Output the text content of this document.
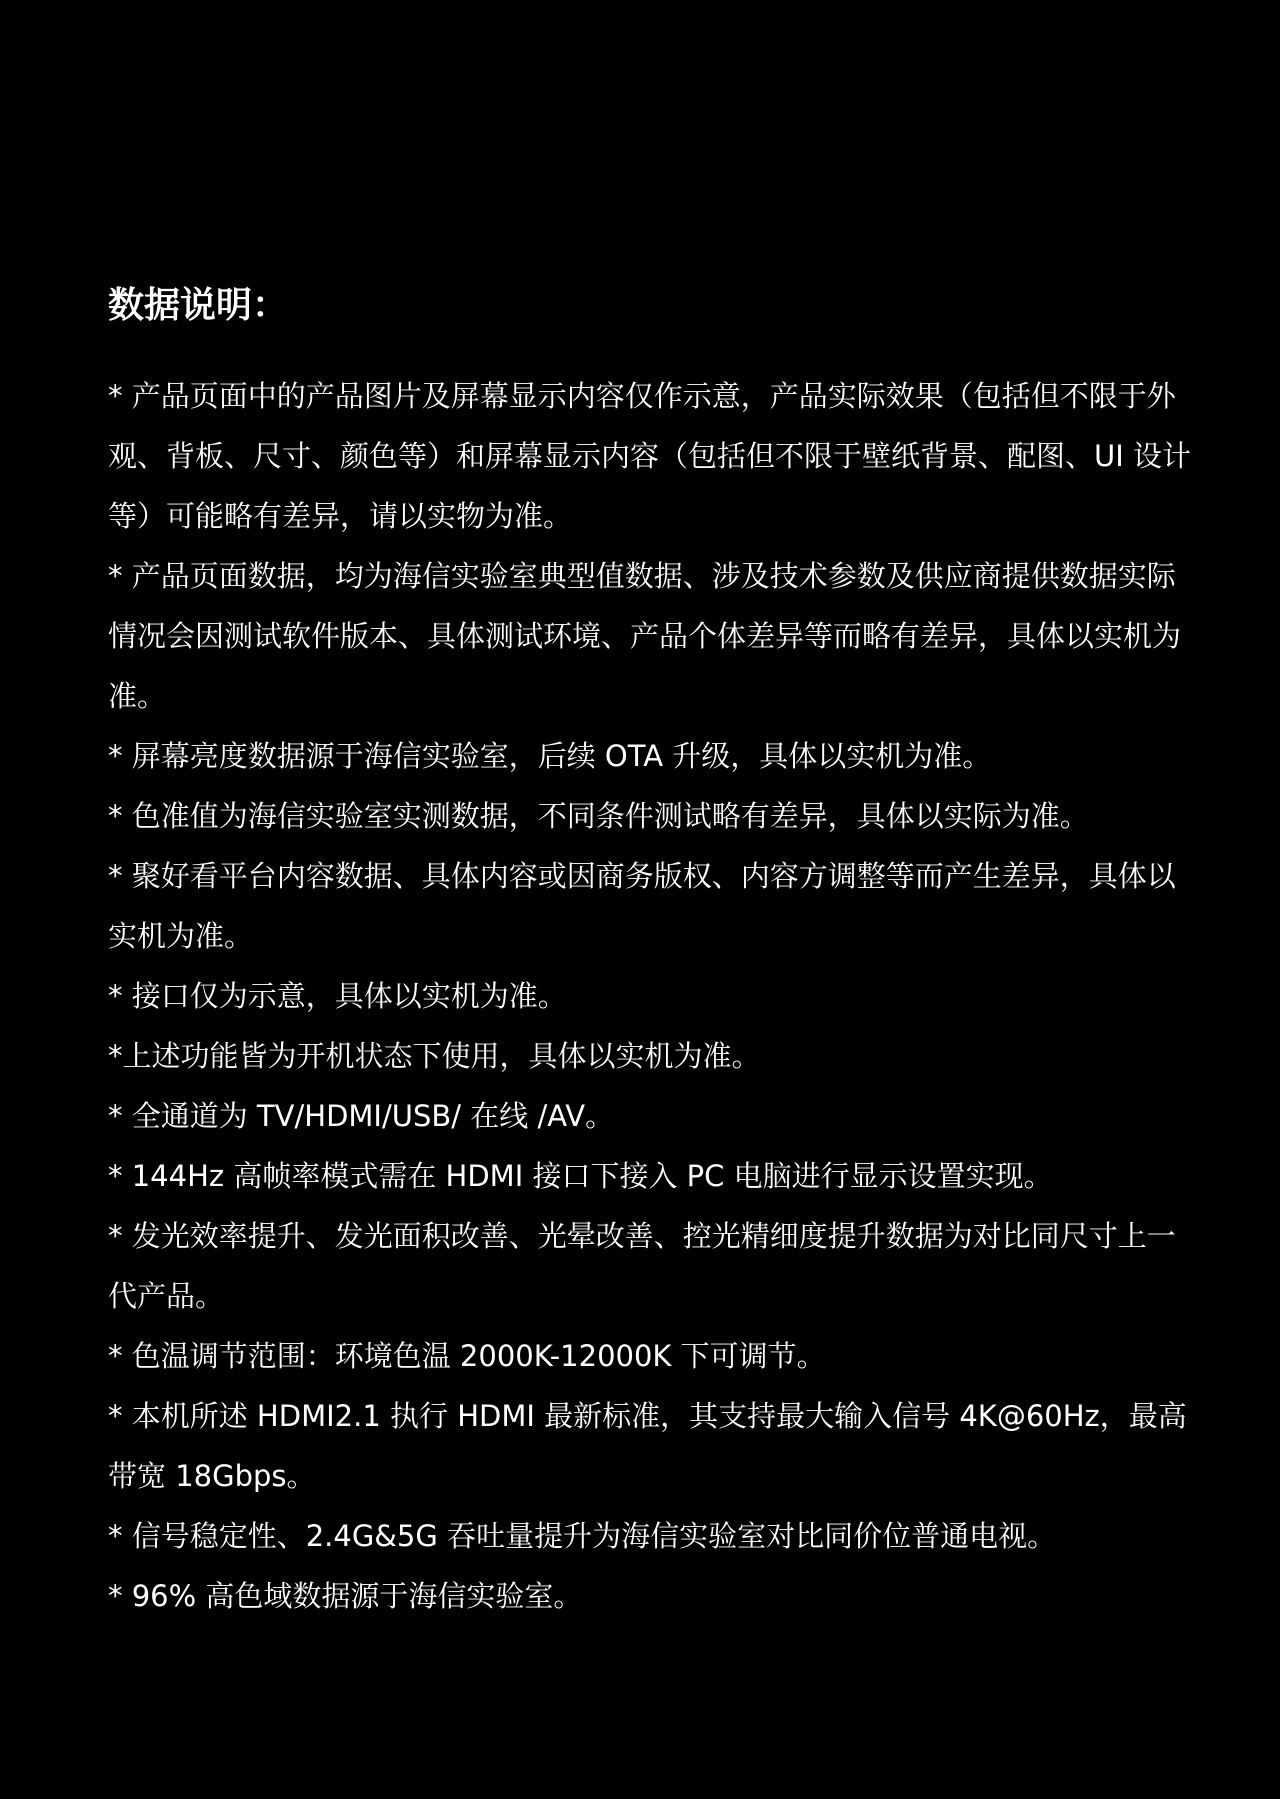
数据说明：
* 产品页面中的产品图片及屏幕显示内容仅作示意，产品实际效果（包括但不限于外观、背板、尺寸、颜色等）和屏幕显示内容（包括但不限于壁纸背景、配图、UI 设计等）可能略有差异，请以实物为准。
* 产品页面数据，均为海信实验室典型值数据、涉及技术参数及供应商提供数据实际情况会因测试软件版本、具体测试环境、产品个体差异等而略有差异，具体以实机为准。
* 屏幕亮度数据源于海信实验室，后续 OTA 升级，具体以实机为准。
* 色准值为海信实验室实测数据，不同条件测试略有差异，具体以实际为准。
* 聚好看平台内容数据、具体内容或因商务版权、内容方调整等而产生差异，具体以实机为准。
* 接口仅为示意，具体以实机为准。
*上述功能皆为开机状态下使用，具体以实机为准。
* 全通道为 TV/HDMI/USB/ 在线 /AV。
* 144Hz 高帧率模式需在 HDMI 接口下接入 PC 电脑进行显示设置实现。
* 发光效率提升、发光面积改善、光晕改善、控光精细度提升数据为对比同尺寸上一代产品。
* 色温调节范围：环境色温 2000K-12000K 下可调节。
* 本机所述 HDMI2.1 执行 HDMI 最新标准，其支持最大输入信号 4K@60Hz，最高带宽 18Gbps。
* 信号稳定性、2.4G&5G 吞吐量提升为海信实验室对比同价位普通电视。
* 96% 高色域数据源于海信实验室。
